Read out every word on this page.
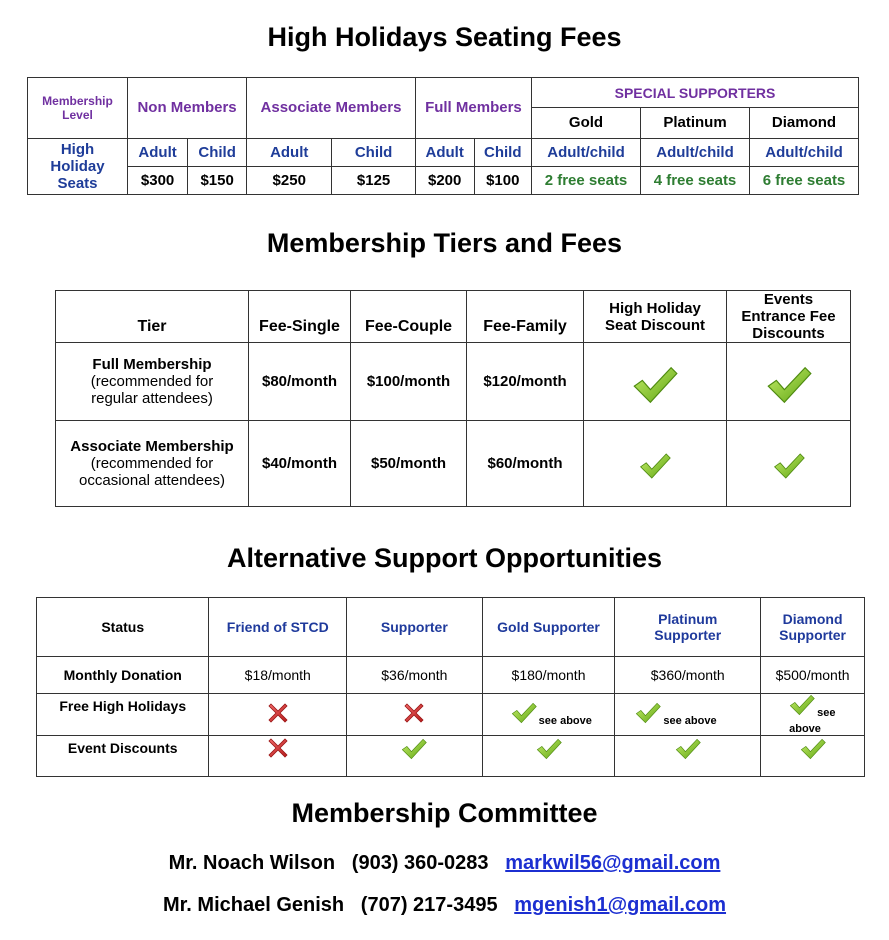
High Holidays Seating Fees
Membership Level	Non Members		Associate Members		Full Members		SPECIAL SUPPORTERS		
							Gold	Platinum	Diamond
High Holiday Seats	Adult	Child	Adult	Child	Adult	Child	Adult/child	Adult/child	Adult/child
	$300	$150	$250	$125	$200	$100	2 free seats	4 free seats	6 free seats
Membership Tiers and Fees
Tier	Fee-Single	Fee-Couple	Fee-Family	High Holiday Seat Discount	Events Entrance Fee Discounts

Full Membership
(recommended for regular attendees)	$80/month	$100/month	$120/month		

Associate Membership
(recommended for occasional attendees)	$40/month	$50/month	$60/month		
Alternative Support Opportunities
Status	Friend of STCD	Supporter	Gold Supporter	Platinum Supporter	Diamond Supporter
Monthly Donation	$18/month	$36/month	$180/month	$360/month	$500/month
Free High Holidays			see above	see above	see above
Event Discounts					
Membership Committee
Mr. Noach Wilson (903) 360-0283 markwil56@gmail.com
Mr. Michael Genish (707) 217-3495 mgenish1@gmail.com
